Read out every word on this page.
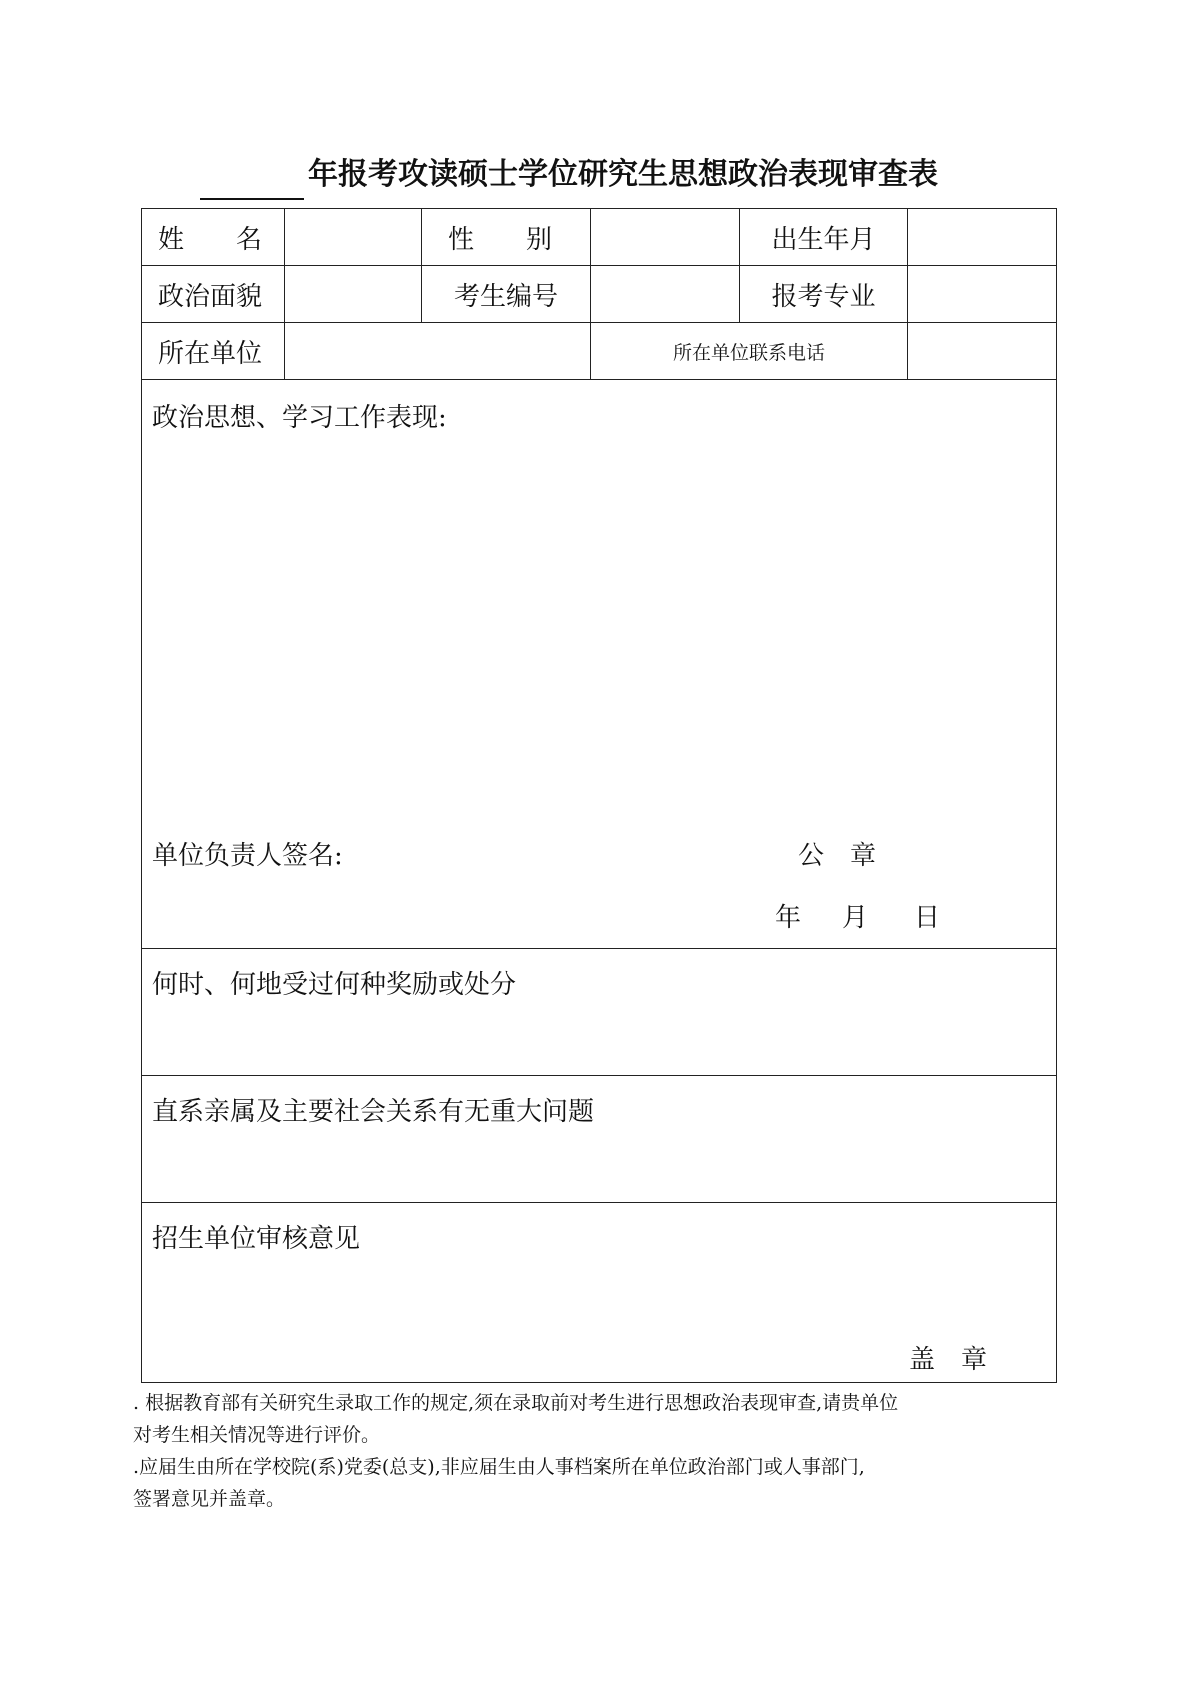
年报考攻读硕士学位研究生思想政治表现审查表
姓　　名	性　　别	出生年月
政治面貌	考生编号	报考专业
所在单位	所在单位联系电话
政治思想、学习工作表现:
单位负责人签名:	公　章
年 月 日
何时、何地受过何种奖励或处分
直系亲属及主要社会关系有无重大问题
招生单位审核意见
盖　章

. 根据教育部有关研究生录取工作的规定,须在录取前对考生进行思想政治表现审查,请贵单位

对考生相关情况等进行评价。

.应届生由所在学校院(系)党委(总支),非应届生由人事档案所在单位政治部门或人事部门,

签署意见并盖章。
